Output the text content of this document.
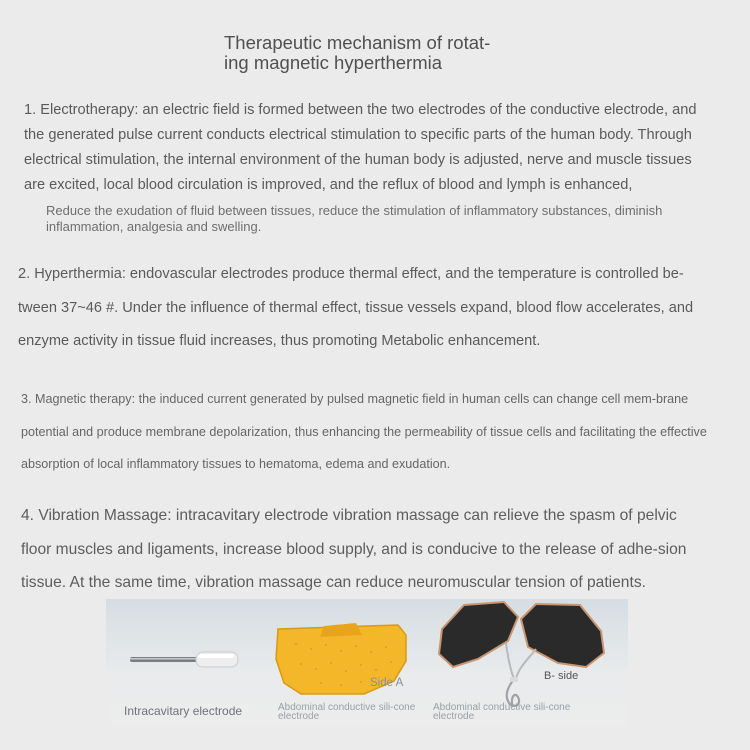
Therapeutic mechanism of rotat-
ing magnetic hyperthermia

1. Electrotherapy: an electric field is formed between the two electrodes of the conductive electrode, and the generated pulse current conducts electrical stimulation to specific parts of the human body. Through electrical stimulation, the internal environment of the human body is adjusted, nerve and muscle tissues are excited, local blood circulation is improved, and the reflux of blood and lymph is enhanced,

Reduce the exudation of fluid between tissues, reduce the stimulation of inflammatory substances, diminish inflammation, analgesia and swelling.

2. Hyperthermia: endovascular electrodes produce thermal effect, and the temperature is controlled be-tween 37~46 #. Under the influence of thermal effect, tissue vessels expand, blood flow accelerates, and enzyme activity in tissue fluid increases, thus promoting Metabolic enhancement.

3. Magnetic therapy: the induced current generated by pulsed magnetic field in human cells can change cell mem-brane potential and produce membrane depolarization, thus enhancing the permeability of tissue cells and facilitating the effective absorption of local inflammatory tissues to hematoma, edema and exudation.

4. Vibration Massage: intracavitary electrode vibration massage can relieve the spasm of pelvic floor muscles and ligaments, increase blood supply, and is conducive to the release of adhe-sion tissue. At the same time, vibration massage can reduce neuromuscular tension of patients.

Side A
B- side
Intracavitary electrode	Abdominal conductive sili-cone electrode
Abdominal conductive sili-cone electrode
